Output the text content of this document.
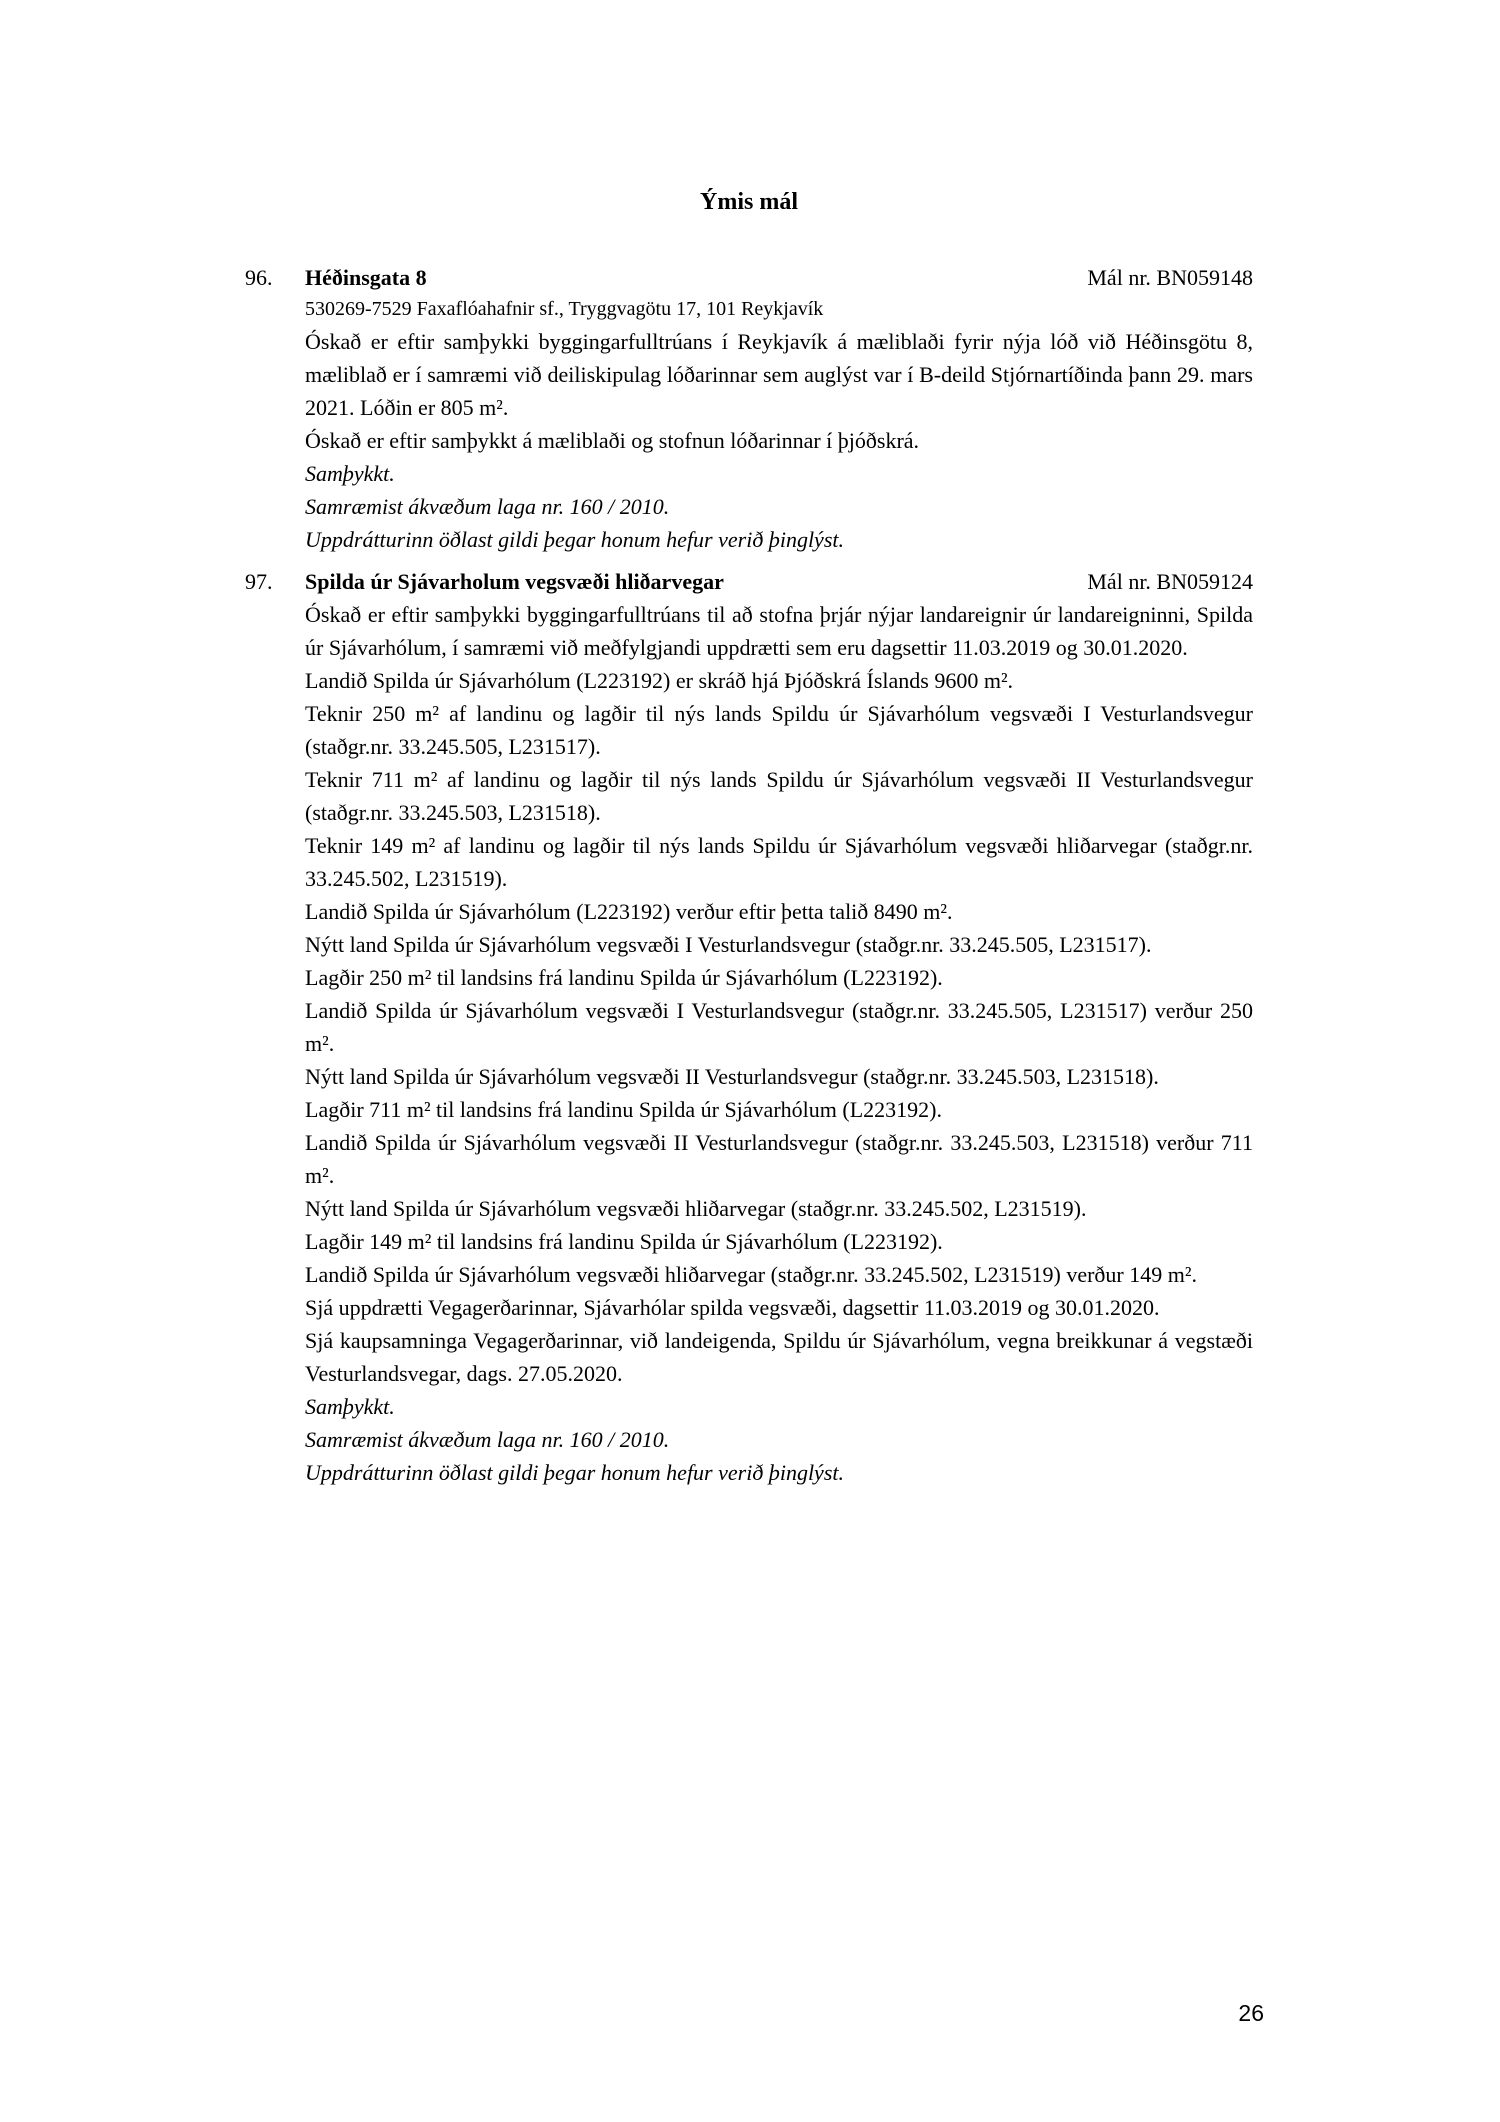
Ýmis mál
96.	Héðinsgata 8	Mál nr. BN059148
530269-7529 Faxaflóahafnir sf., Tryggvagötu 17, 101 Reykjavík

Óskað er eftir samþykki byggingarfulltrúans í Reykjavík á mæliblaði fyrir nýja lóð við Héðinsgötu 8, mæliblað er í samræmi við deiliskipulag lóðarinnar sem auglýst var í B-deild Stjórnartíðinda þann 29. mars 2021. Lóðin er 805 m².

Óskað er eftir samþykkt á mæliblaði og stofnun lóðarinnar í þjóðskrá.

Samþykkt.

Samræmist ákvæðum laga nr. 160 / 2010.

Uppdrátturinn öðlast gildi þegar honum hefur verið þinglýst.

97.	Spilda úr Sjávarholum vegsvæði hliðarvegar	Mál nr. BN059124

Óskað er eftir samþykki byggingarfulltrúans til að stofna þrjár nýjar landareignir úr landareigninni, Spilda úr Sjávarhólum, í samræmi við meðfylgjandi uppdrætti sem eru dagsettir 11.03.2019 og 30.01.2020.

Landið Spilda úr Sjávarhólum (L223192) er skráð hjá Þjóðskrá Íslands 9600 m².

Teknir 250 m² af landinu og lagðir til nýs lands Spildu úr Sjávarhólum vegsvæði I Vesturlandsvegur (staðgr.nr. 33.245.505, L231517).

Teknir 711 m² af landinu og lagðir til nýs lands Spildu úr Sjávarhólum vegsvæði II Vesturlandsvegur (staðgr.nr. 33.245.503, L231518).

Teknir 149 m² af landinu og lagðir til nýs lands Spildu úr Sjávarhólum vegsvæði hliðarvegar (staðgr.nr. 33.245.502, L231519).

Landið Spilda úr Sjávarhólum (L223192) verður eftir þetta talið 8490 m².

Nýtt land Spilda úr Sjávarhólum vegsvæði I Vesturlandsvegur (staðgr.nr. 33.245.505, L231517).

Lagðir 250 m² til landsins frá landinu Spilda úr Sjávarhólum (L223192).

Landið Spilda úr Sjávarhólum vegsvæði I Vesturlandsvegur (staðgr.nr. 33.245.505, L231517) verður 250 m².

Nýtt land Spilda úr Sjávarhólum vegsvæði II Vesturlandsvegur (staðgr.nr. 33.245.503, L231518).

Lagðir 711 m² til landsins frá landinu Spilda úr Sjávarhólum (L223192).

Landið Spilda úr Sjávarhólum vegsvæði II Vesturlandsvegur (staðgr.nr. 33.245.503, L231518) verður 711 m².

Nýtt land Spilda úr Sjávarhólum vegsvæði hliðarvegar (staðgr.nr. 33.245.502, L231519).

Lagðir 149 m² til landsins frá landinu Spilda úr Sjávarhólum (L223192).

Landið Spilda úr Sjávarhólum vegsvæði hliðarvegar (staðgr.nr. 33.245.502, L231519) verður 149 m².

Sjá uppdrætti Vegagerðarinnar, Sjávarhólar spilda vegsvæði, dagsettir 11.03.2019 og 30.01.2020.

Sjá kaupsamninga Vegagerðarinnar, við landeigenda, Spildu úr Sjávarhólum, vegna breikkunar á vegstæði Vesturlandsvegar, dags. 27.05.2020.

Samþykkt.

Samræmist ákvæðum laga nr. 160 / 2010.

Uppdrátturinn öðlast gildi þegar honum hefur verið þinglýst.

26
